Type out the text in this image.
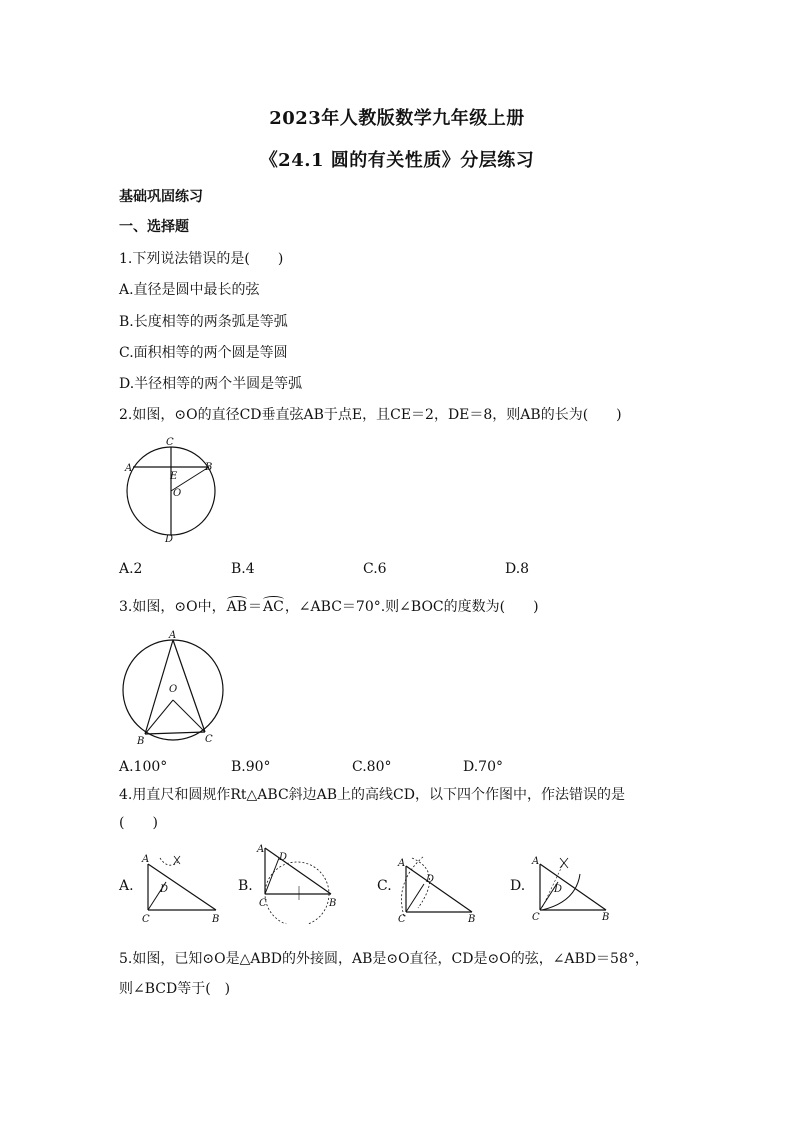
2023年人教版数学九年级上册
《24.1 圆的有关性质》分层练习
基础巩固练习
一、选择题
1.下列说法错误的是(　　)
A.直径是圆中最长的弦
B.长度相等的两条弧是等弧
C.面积相等的两个圆是等圆
D.半径相等的两个半圆是等弧
2.如图，⊙O的直径CD垂直弦AB于点E，且CE＝2，DE＝8，则AB的长为(　　)
C
A
E
B
O
D
A.2	B.4	C.6	D.8
3.如图，⊙O中，AB＝AC，∠ABC＝70°.则∠BOC的度数为(　　)
A
O
B	C
A.100°	B.90°	C.80°	D.70°
4.用直尺和圆规作Rt△ABC斜边AB上的高线CD，以下四个作图中，作法错误的是
(　　)
A.
A
D
C	B
B.
A
D
C	B
C.
A
D
C	B
D.
A
D
C	B
5.如图，已知⊙O是△ABD的外接圆，AB是⊙O直径，CD是⊙O的弦，∠ABD＝58°，
则∠BCD等于(　)
